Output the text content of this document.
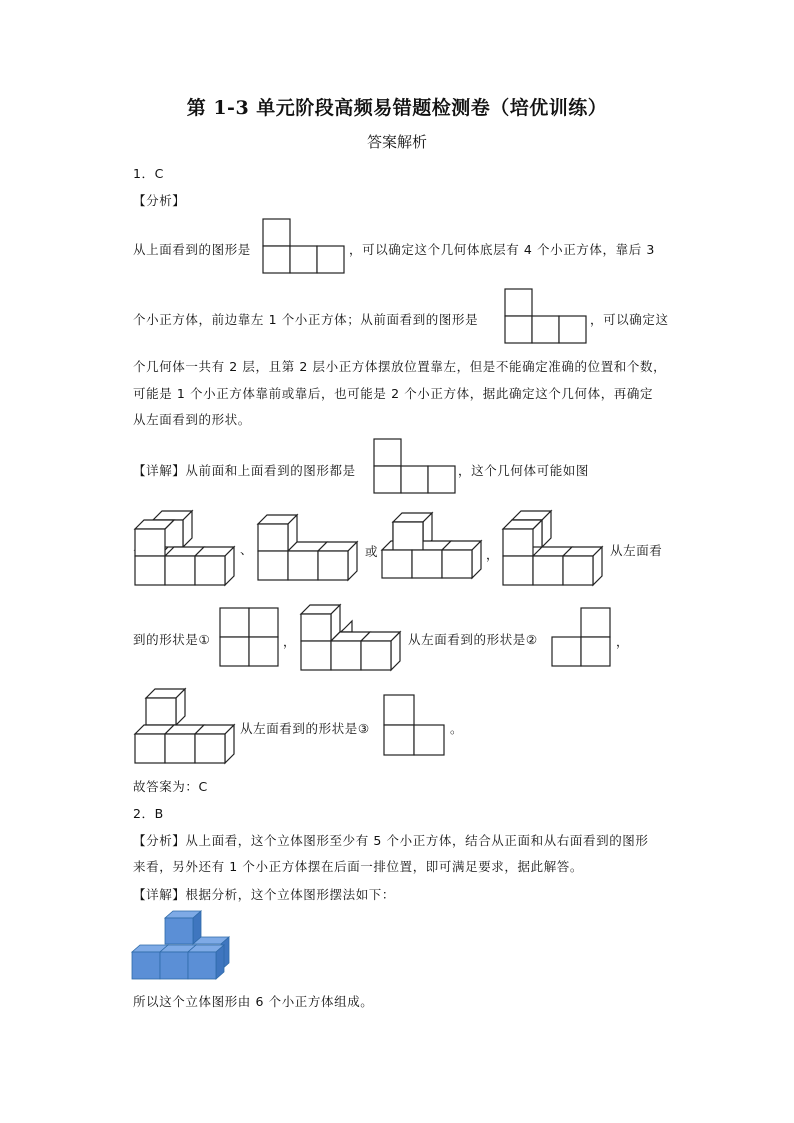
第 1-3 单元阶段高频易错题检测卷（培优训练）
答案解析
1．C
【分析】
从上面看到的图形是	，可以确定这个几何体底层有 4 个小正方体，靠后 3
个小正方体，前边靠左 1 个小正方体；从前面看到的图形是	，可以确定这
个几何体一共有 2 层，且第 2 层小正方体摆放位置靠左，但是不能确定准确的位置和个数，
可能是 1 个小正方体靠前或靠后，也可能是 2 个小正方体，据此确定这个几何体，再确定
从左面看到的形状。
【详解】从前面和上面看到的图形都是	，这个几何体可能如图
、	或	，	从左面看
到的形状是①	，	从左面看到的形状是②	，
从左面看到的形状是③	。
故答案为：C
2．B
【分析】从上面看，这个立体图形至少有 5 个小正方体，结合从正面和从右面看到的图形
来看，另外还有 1 个小正方体摆在后面一排位置，即可满足要求，据此解答。
【详解】根据分析，这个立体图形摆法如下：
所以这个立体图形由 6 个小正方体组成。
